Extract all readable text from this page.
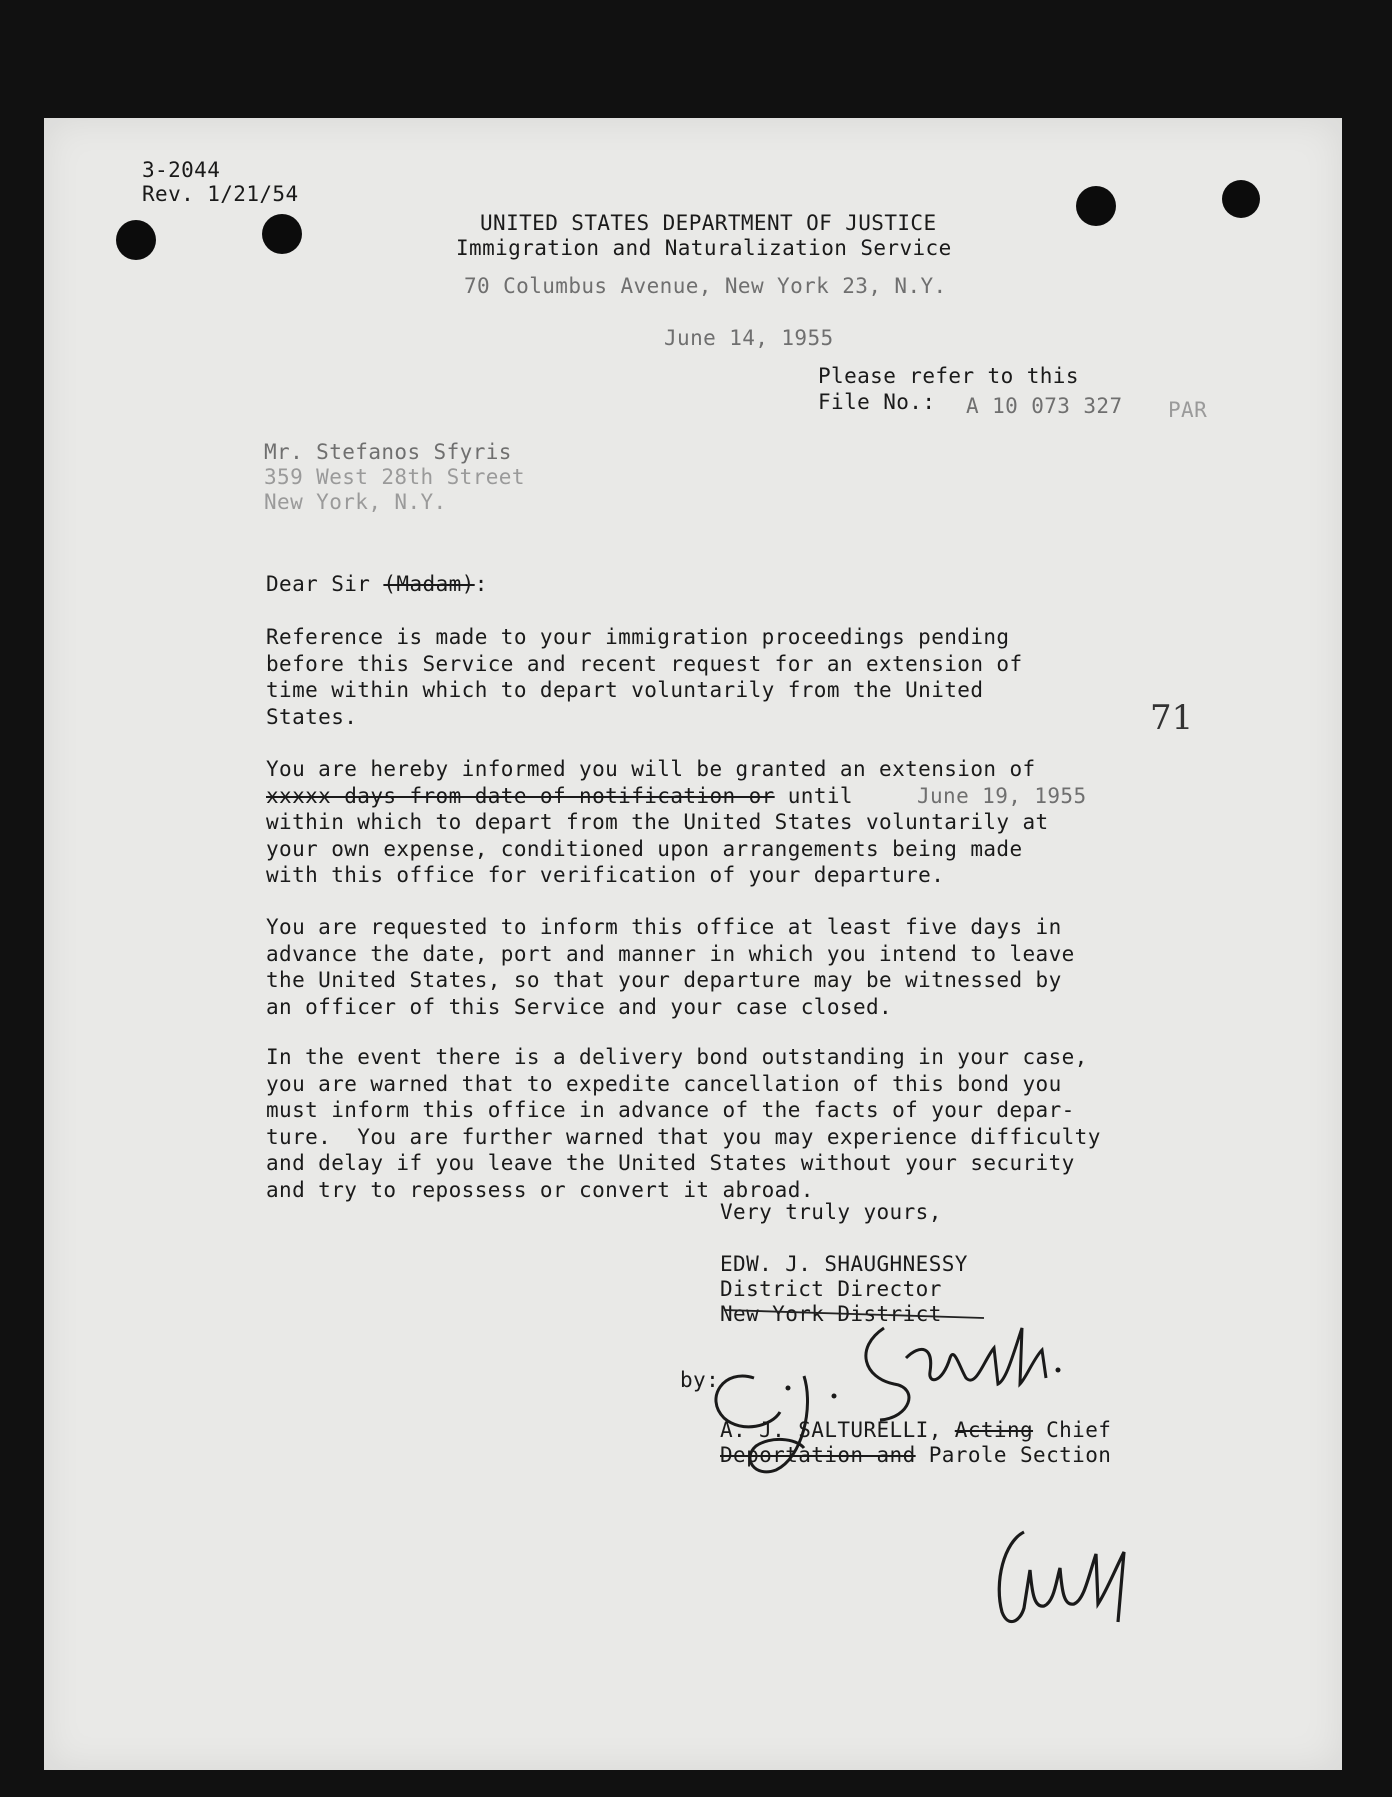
3-2044
Rev. 1/21/54
UNITED STATES DEPARTMENT OF JUSTICE
Immigration and Naturalization Service
70 Columbus Avenue, New York 23, N.Y.
June 14, 1955
Please refer to this
File No.: A 10 073 327 PAR
Mr. Stefanos Sfyris
359 West 28th Street
New York, N.Y.
Dear Sir (Madam):
71
Reference is made to your immigration proceedings pending
before this Service and recent request for an extension of
time within which to depart voluntarily from the United
States.
You are hereby informed you will be granted an extension of
xxxxx days from date of notification or until	June 19, 1955
within which to depart from the United States voluntarily at
your own expense, conditioned upon arrangements being made
with this office for verification of your departure.
You are requested to inform this office at least five days in
advance the date, port and manner in which you intend to leave
the United States, so that your departure may be witnessed by
an officer of this Service and your case closed.
In the event there is a delivery bond outstanding in your case,
you are warned that to expedite cancellation of this bond you
must inform this office in advance of the facts of your depar-
ture.  You are further warned that you may experience difficulty
and delay if you leave the United States without your security
and try to repossess or convert it abroad.
Very truly yours,
EDW. J. SHAUGHNESSY
District Director
New York District
by:
A. J. SALTURELLI, Acting Chief
Deportation and Parole Section
